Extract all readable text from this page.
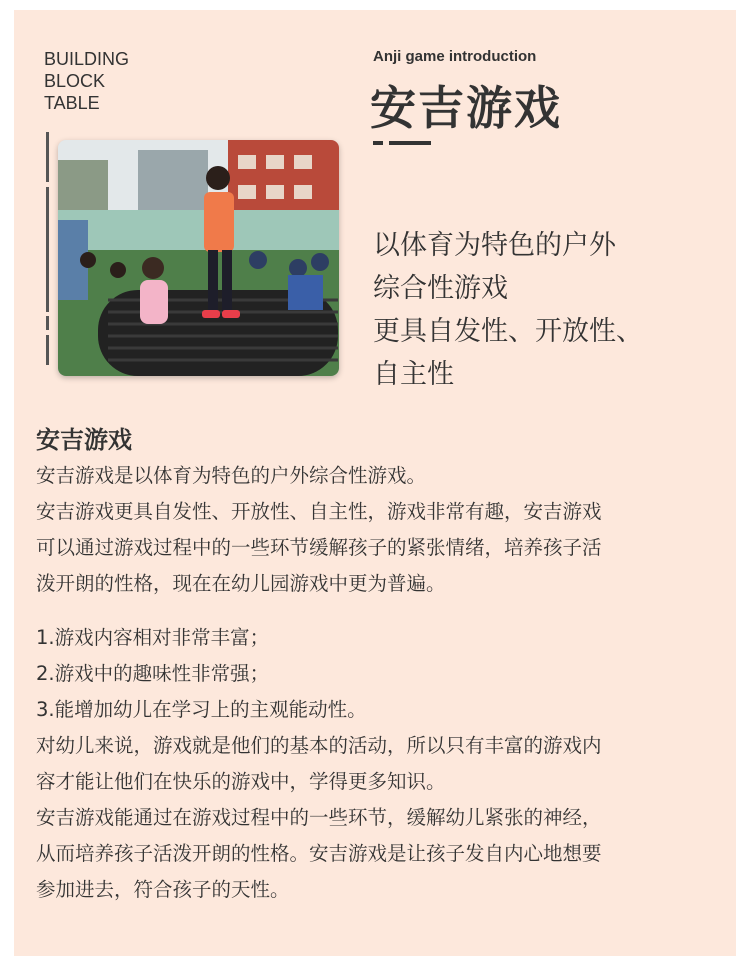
BUILDING
BLOCK
TABLE
Anji game introduction
安吉游戏
以体育为特色的户外
综合性游戏
更具自发性、开放性、
自主性
安吉游戏
安吉游戏是以体育为特色的户外综合性游戏。
安吉游戏更具自发性、开放性、自主性，游戏非常有趣，安吉游戏
可以通过游戏过程中的一些环节缓解孩子的紧张情绪，培养孩子活
泼开朗的性格，现在在幼儿园游戏中更为普遍。
1.游戏内容相对非常丰富；
2.游戏中的趣味性非常强；
3.能增加幼儿在学习上的主观能动性。
对幼儿来说，游戏就是他们的基本的活动，所以只有丰富的游戏内
容才能让他们在快乐的游戏中，学得更多知识。
安吉游戏能通过在游戏过程中的一些环节，缓解幼儿紧张的神经，
从而培养孩子活泼开朗的性格。安吉游戏是让孩子发自内心地想要
参加进去，符合孩子的天性。
